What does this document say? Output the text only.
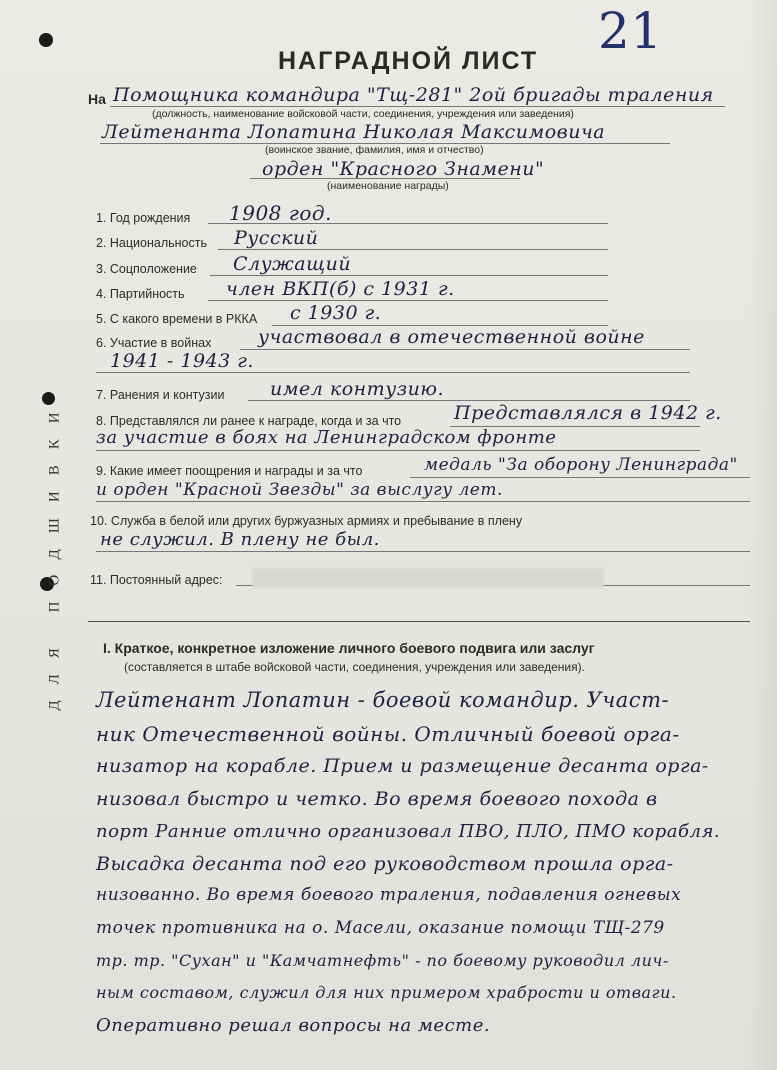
21
НАГРАДНОЙ ЛИСТ
На Помощника командира "Тщ-281" 2ой бригады траления
(должность, наименование войсковой части, соединения, учреждения или заведения)
Лейтенанта Лопатина Николая Максимовича
(воинское звание, фамилия, имя и отчество)
орден "Красного Знамени"
(наименование награды)
1. Год рождения 1908 год.
2. Национальность Русский
3. Соцположение Служащий
4. Партийность член ВКП(б) с 1931 г.
5. С какого времени в РККА с 1930 г.
6. Участие в войнах участвовал в отечественной войне
1941 - 1943 г.
7. Ранения и контузии имел контузию.
8. Представлялся ли ранее к награде, когда и за что	Представлялся в 1942 г.
за участие в боях на Ленинградском фронте
9. Какие имеет поощрения и награды и за что	медаль "За оборону Ленинграда"
и орден "Красной Звезды" за выслугу лет.
10. Служба в белой или других буржуазных армиях и пребывание в плену
не служил. В плену не был.
11. Постоянный адрес:
I. Краткое, конкретное изложение личного боевого подвига или заслуг
(составляется в штабе войсковой части, соединения, учреждения или заведения).
Лейтенант Лопатин - боевой командир. Участ-
ник Отечественной войны. Отличный боевой орга-
низатор на корабле. Прием и размещение десанта орга-
низовал быстро и четко. Во время боевого похода в
порт Ранние отлично организовал ПВО, ПЛО, ПМО корабля.
Высадка десанта под его руководством прошла орга-
низованно. Во время боевого траления, подавления огневых
точек противника на о. Масели, оказание помощи ТЩ-279
тр. тр. "Сухан" и "Камчатнефть" - по боевому руководил лич-
ным составом, служил для них примером храбрости и отваги.
Оперативно решал вопросы на месте.
ДЛЯ ПОДШИВКИ
